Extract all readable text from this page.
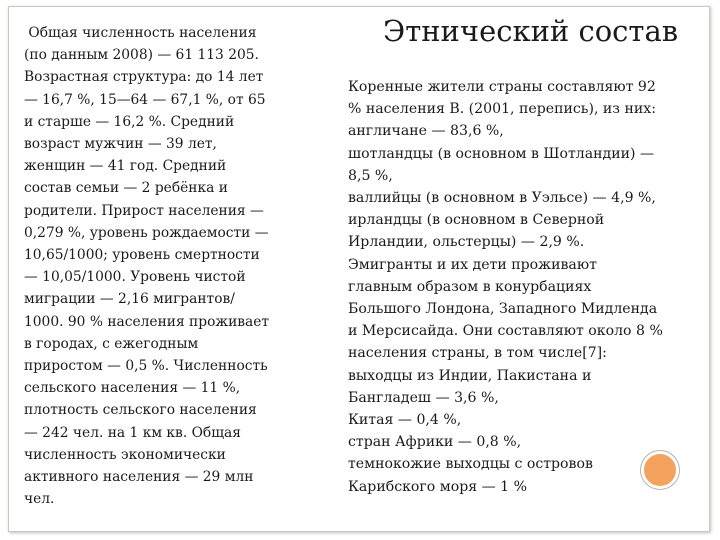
Общая численность населения

(по данным 2008) — 61 113 205.

Возрастная структура: до 14 лет

— 16,7 %, 15—64 — 67,1 %, от 65

и старше — 16,2 %. Средний

возраст мужчин — 39 лет,

женщин — 41 год. Средний

состав семьи — 2 ребёнка и

родители. Прирост населения —

0,279 %, уровень рождаемости —

10,65/1000; уровень смертности

— 10,05/1000. Уровень чистой

миграции — 2,16 мигрантов/

1000. 90 % населения проживает

в городах, с ежегодным

приростом — 0,5 %. Численность

сельского населения — 11 %,

плотность сельского населения

— 242 чел. на 1 км кв. Общая

численность экономически

активного населения — 29 млн

чел.

Этнический состав

Коренные жители страны составляют 92

% населения В. (2001, перепись), из них:

англичане — 83,6 %,

шотландцы (в основном в Шотландии) —

8,5 %,

валлийцы (в основном в Уэльсе) — 4,9 %,

ирландцы (в основном в Северной

Ирландии, ольстерцы) — 2,9 %.

Эмигранты и их дети проживают

главным образом в конурбациях

Большого Лондона, Западного Мидленда

и Мерсисайда. Они составляют около 8 %

населения страны, в том числе[7]:

выходцы из Индии, Пакистана и

Бангладеш — 3,6 %,

Китая — 0,4 %,

стран Африки — 0,8 %,

темнокожие выходцы с островов

Карибского моря — 1 %
